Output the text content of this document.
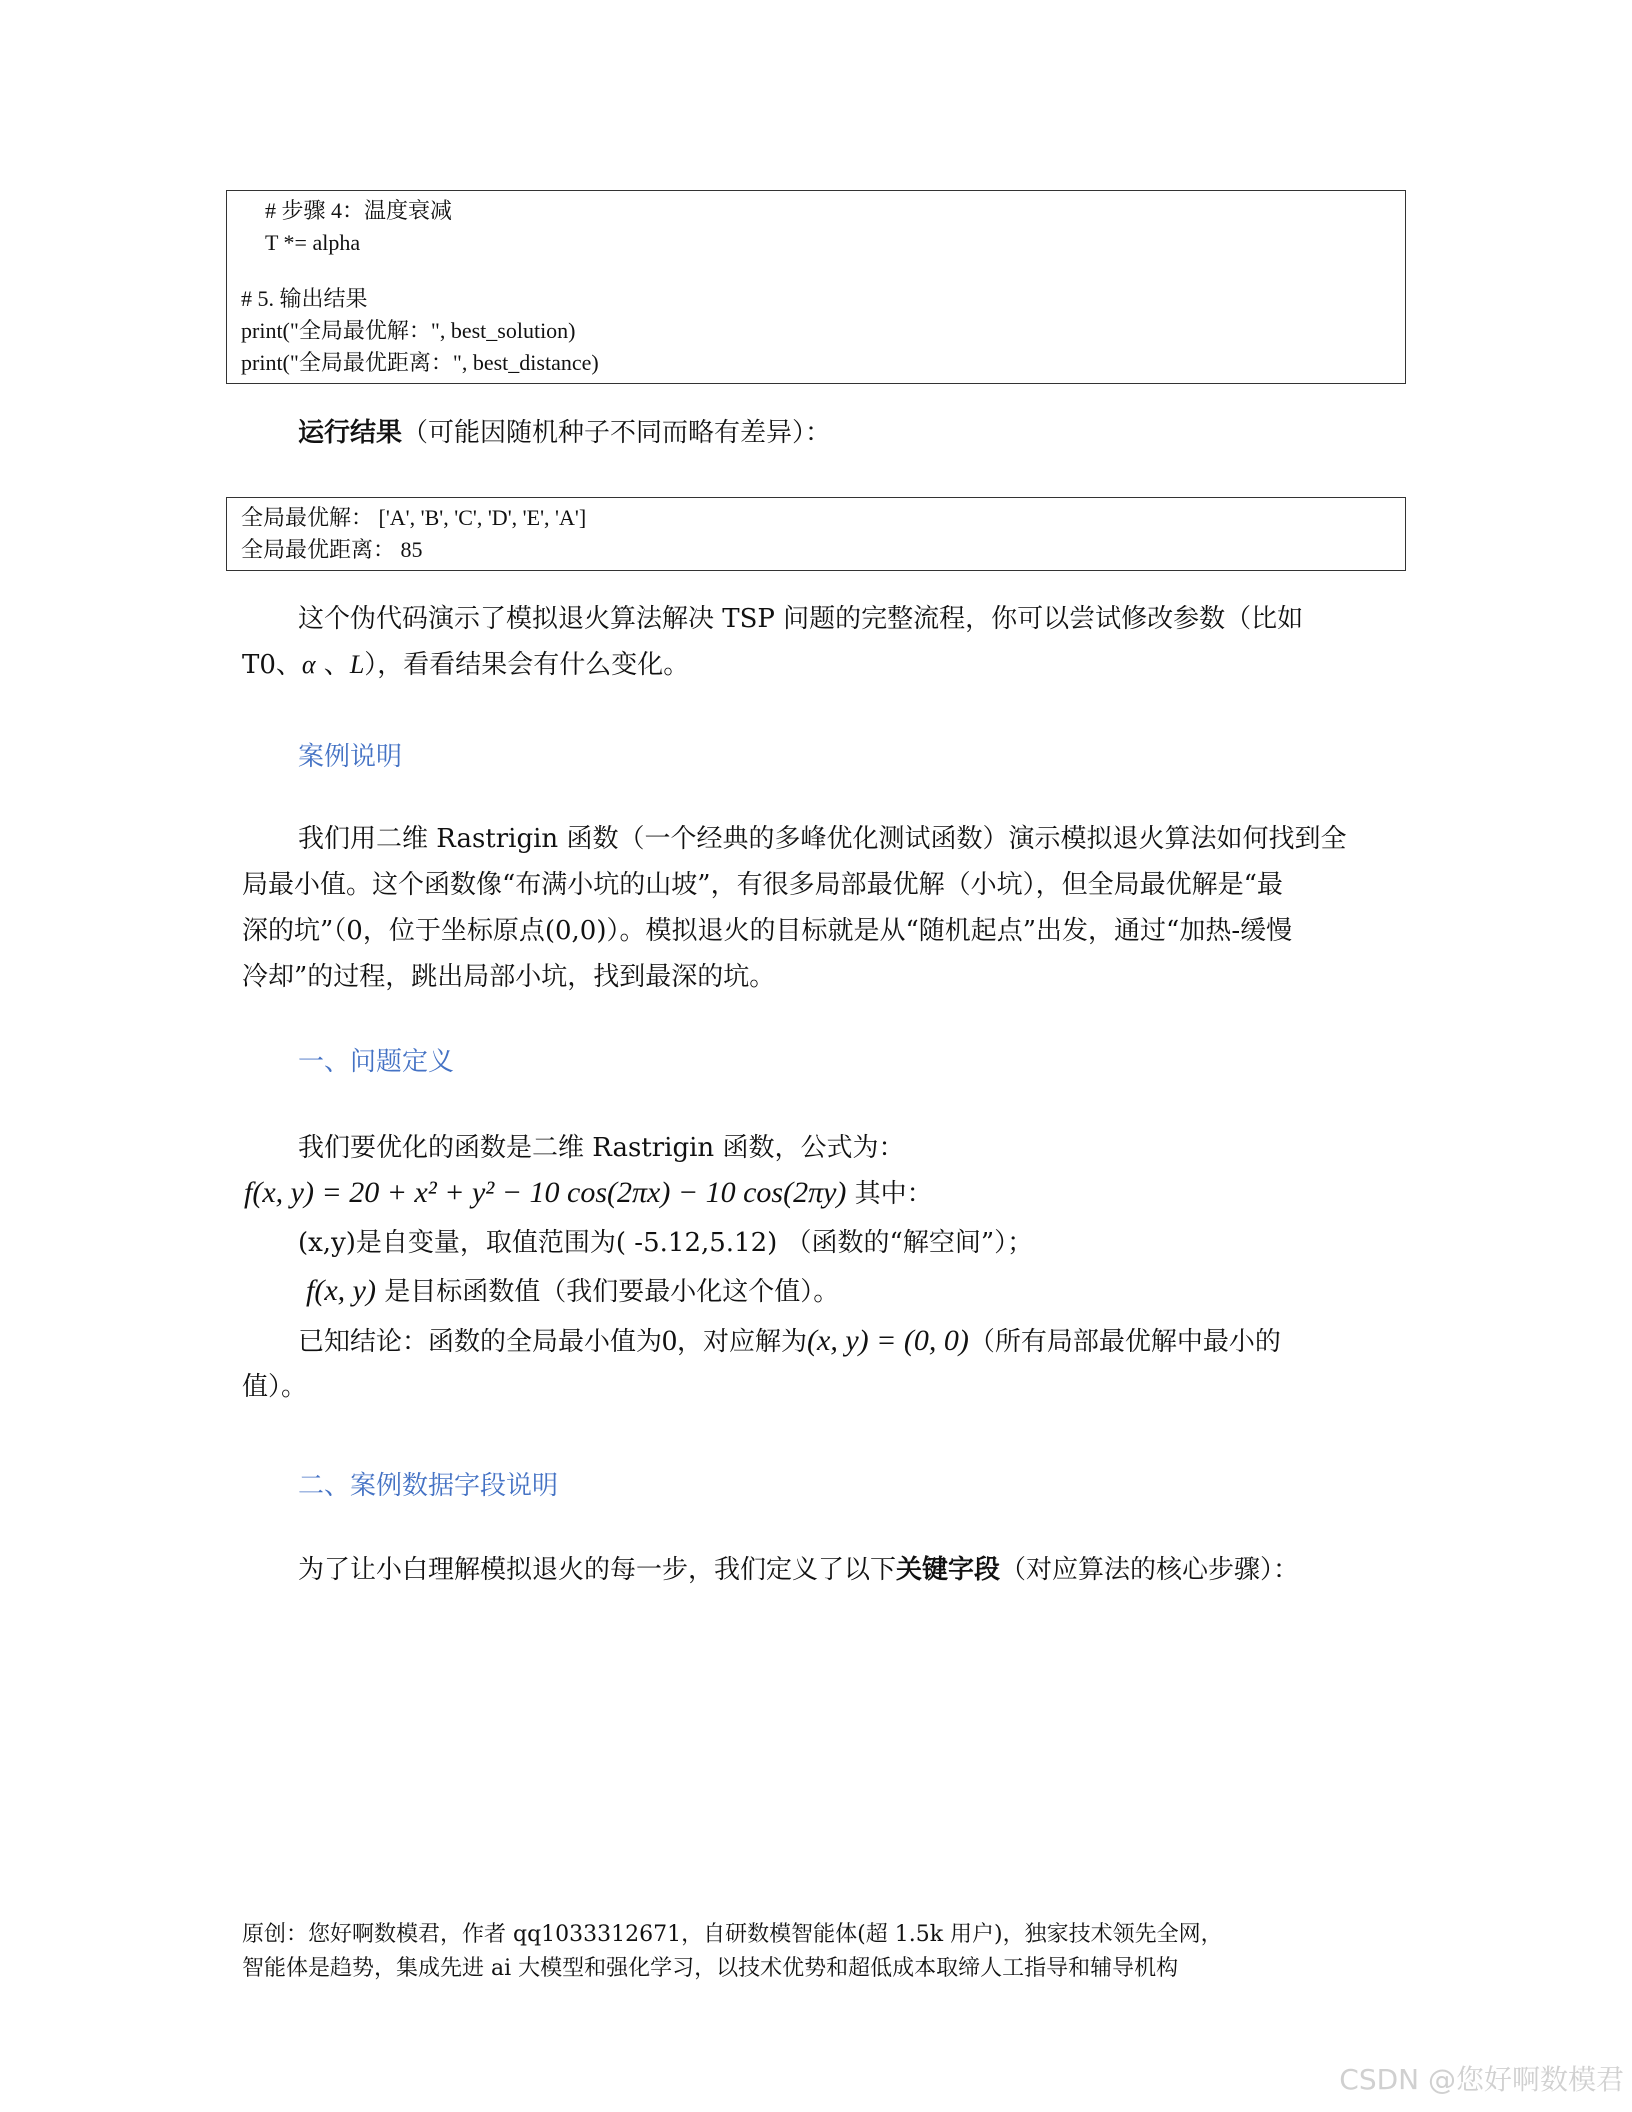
# 步骤 4：温度衰减
T *= alpha
# 5. 输出结果
print("全局最优解：", best_solution)
print("全局最优距离：", best_distance)
运行结果（可能因随机种子不同而略有差异）：
全局最优解： ['A', 'B', 'C', 'D', 'E', 'A']
全局最优距离： 85
这个伪代码演示了模拟退火算法解决 TSP 问题的完整流程，你可以尝试修改参数（比如
T0、α 、L），看看结果会有什么变化。
案例说明
我们用二维 Rastrigin 函数（一个经典的多峰优化测试函数）演示模拟退火算法如何找到全
局最小值。这个函数像“布满小坑的山坡”，有很多局部最优解（小坑），但全局最优解是“最
深的坑”（0，位于坐标原点(0,0)）。模拟退火的目标就是从“随机起点”出发，通过“加热-缓慢
冷却”的过程，跳出局部小坑，找到最深的坑。
一、问题定义
我们要优化的函数是二维 Rastrigin 函数，公式为：
f(x, y) = 20 + x² + y² − 10 cos(2πx) − 10 cos(2πy) 其中：
(x,y)是自变量，取值范围为( -5.12,5.12) （函数的“解空间”）；
f(x, y) 是目标函数值（我们要最小化这个值）。
已知结论：函数的全局最小值为0，对应解为(x, y) = (0, 0)（所有局部最优解中最小的
值）。
二、案例数据字段说明
为了让小白理解模拟退火的每一步，我们定义了以下关键字段（对应算法的核心步骤）：
原创：您好啊数模君，作者 qq1033312671，自研数模智能体(超 1.5k 用户)，独家技术领先全网，
智能体是趋势，集成先进 ai 大模型和强化学习，以技术优势和超低成本取缔人工指导和辅导机构
CSDN @您好啊数模君
